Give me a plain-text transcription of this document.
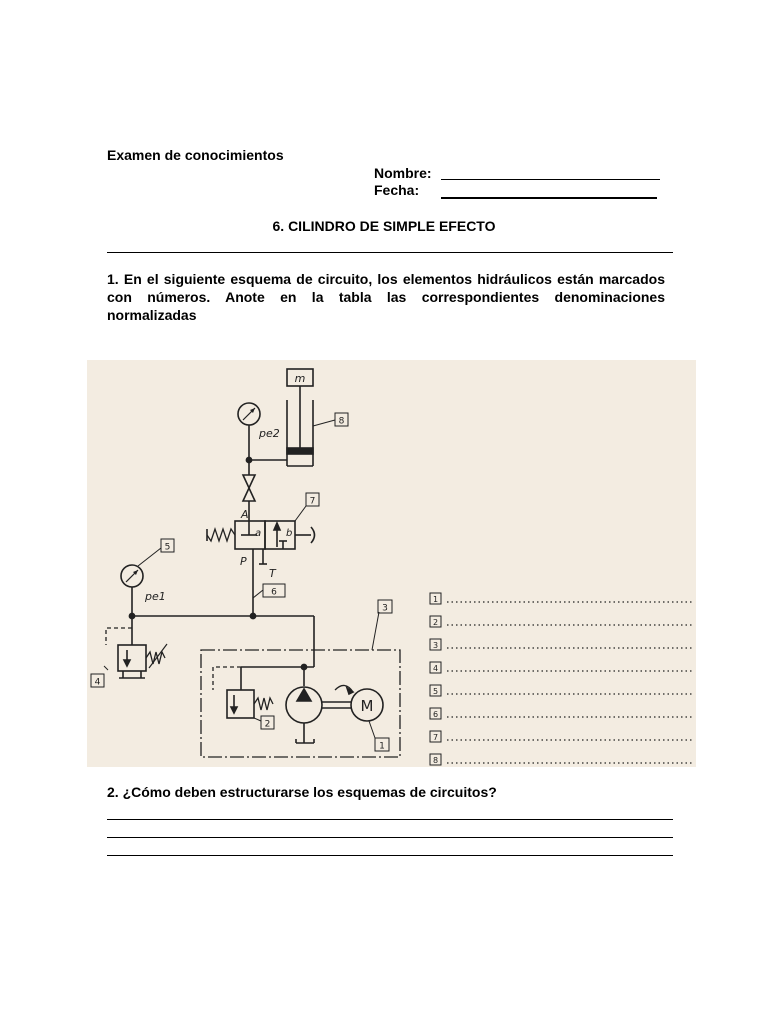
Examen de conocimientos
Nombre:
Fecha:
6. CILINDRO DE SIMPLE EFECTO
1. En el siguiente esquema de circuito, los elementos hidráulicos están marcados con números. Anote en la tabla las correspondientes denominaciones normalizadas
m
8
pe2
A
a b
7
P
T
6
pe1
5
4
3
2
M
1
1
2
3
4
5
6
7
8
2. ¿Cómo deben estructurarse los esquemas de circuitos?
